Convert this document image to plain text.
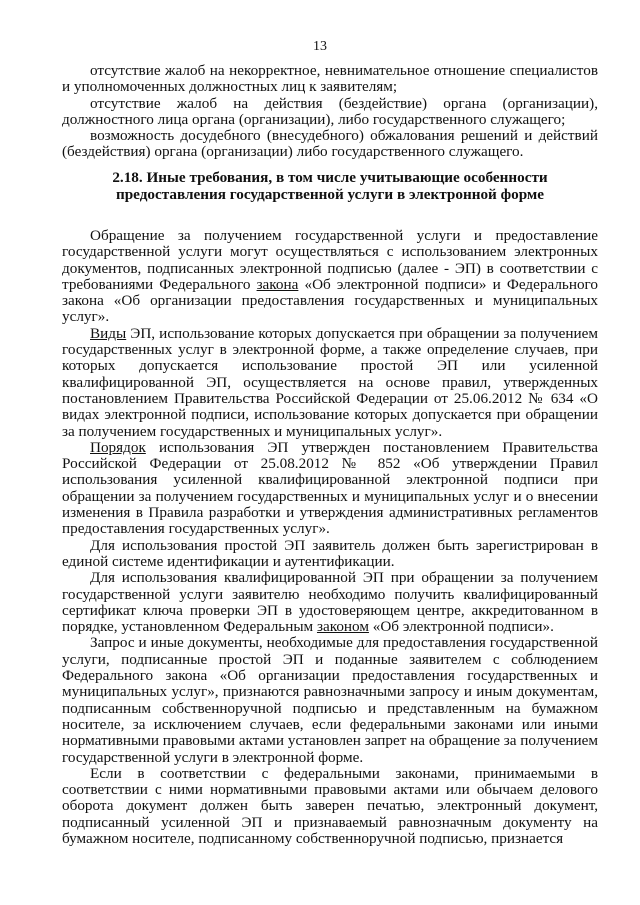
13

отсутствие жалоб на некорректное, невнимательное отношение специалистов и уполномоченных должностных лиц к заявителям;

отсутствие жалоб на действия (бездействие) органа (организации), должностного лица органа (организации), либо государственного служащего;

возможность досудебного (внесудебного) обжалования решений и действий (бездействия) органа (организации) либо государственного служащего.

2.18. Иные требования, в том числе учитывающие особенности
предоставления государственной услуги в электронной форме

Обращение за получением государственной услуги и предоставление государственной услуги могут осуществляться с использованием электронных документов, подписанных электронной подписью (далее - ЭП) в соответствии с требованиями Федерального закона «Об электронной подписи» и Федерального закона «Об организации предоставления государственных и муниципальных услуг».

Виды ЭП, использование которых допускается при обращении за получением государственных услуг в электронной форме, а также определение случаев, при которых допускается использование простой ЭП или усиленной квалифицированной ЭП, осуществляется на основе правил, утвержденных постановлением Правительства Российской Федерации от 25.06.2012 № 634 «О видах электронной подписи, использование которых допускается при обращении за получением государственных и муниципальных услуг».

Порядок использования ЭП утвержден постановлением Правительства Российской Федерации от 25.08.2012 № 852 «Об утверждении Правил использования усиленной квалифицированной электронной подписи при обращении за получением государственных и муниципальных услуг и о внесении изменения в Правила разработки и утверждения административных регламентов предоставления государственных услуг».

Для использования простой ЭП заявитель должен быть зарегистрирован в единой системе идентификации и аутентификации.

Для использования квалифицированной ЭП при обращении за получением государственной услуги заявителю необходимо получить квалифицированный сертификат ключа проверки ЭП в удостоверяющем центре, аккредитованном в порядке, установленном Федеральным законом «Об электронной подписи».

Запрос и иные документы, необходимые для предоставления государственной услуги, подписанные простой ЭП и поданные заявителем с соблюдением Федерального закона «Об организации предоставления государственных и муниципальных услуг», признаются равнозначными запросу и иным документам, подписанным собственноручной подписью и представленным на бумажном носителе, за исключением случаев, если федеральными законами или иными нормативными правовыми актами установлен запрет на обращение за получением государственной услуги в электронной форме.

Если в соответствии с федеральными законами, принимаемыми в соответствии с ними нормативными правовыми актами или обычаем делового оборота документ должен быть заверен печатью, электронный документ, подписанный усиленной ЭП и признаваемый равнозначным документу на бумажном носителе, подписанному собственноручной подписью, признается
